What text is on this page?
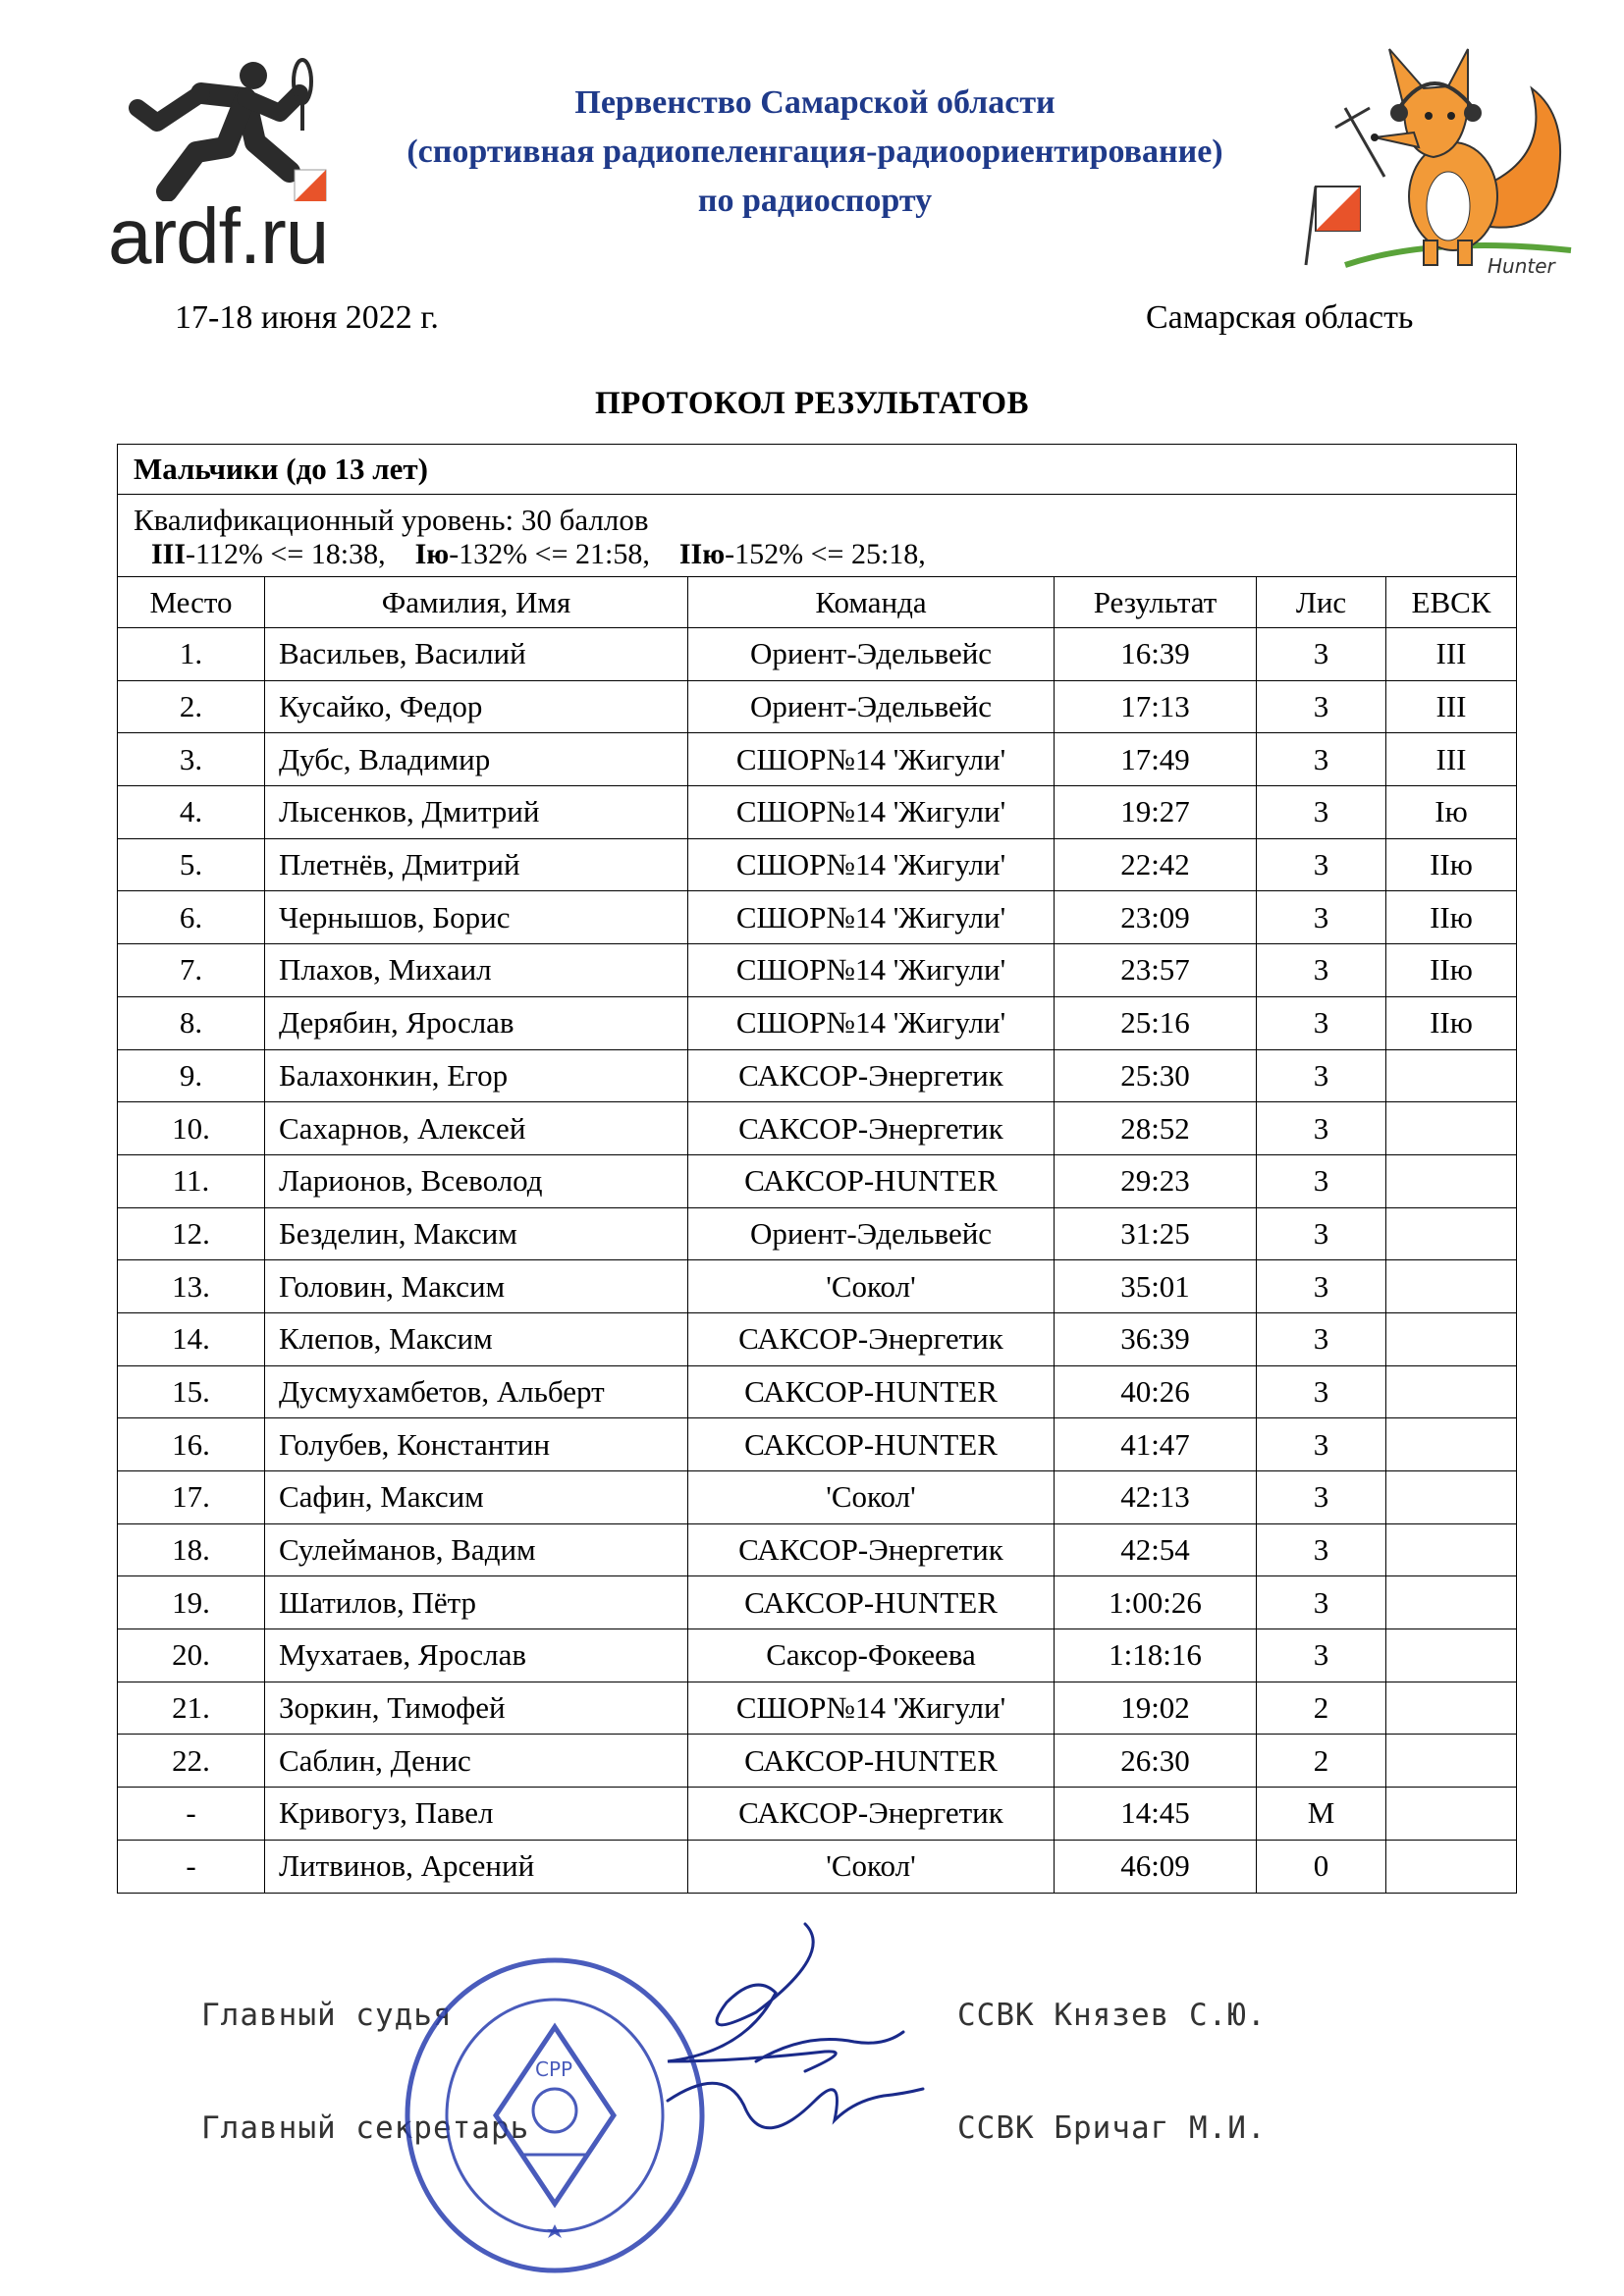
ardf.ru
Первенство Самарской области
(спортивная радиопеленгация-радиоориентирование)
по радиоспорту
Hunter
17-18 июня 2022 г.	Самарская область
ПРОТОКОЛ РЕЗУЛЬТАТОВ
Мальчики (до 13 лет)					

Квалификационный уровень: 30 баллов
III-112% <= 18:38, Iю-132% <= 21:58, IIю-152% <= 25:18,					

Место	Фамилия, Имя	Команда	Результат	Лис	ЕВСК
1.	Васильев, Василий	Ориент-Эдельвейс	16:39	3	III
2.	Кусайко, Федор	Ориент-Эдельвейс	17:13	3	III
3.	Дубс, Владимир	СШОР№14 'Жигули'	17:49	3	III
4.	Лысенков, Дмитрий	СШОР№14 'Жигули'	19:27	3	Iю
5.	Плетнёв, Дмитрий	СШОР№14 'Жигули'	22:42	3	IIю
6.	Чернышов, Борис	СШОР№14 'Жигули'	23:09	3	IIю
7.	Плахов, Михаил	СШОР№14 'Жигули'	23:57	3	IIю
8.	Дерябин, Ярослав	СШОР№14 'Жигули'	25:16	3	IIю
9.	Балахонкин, Егор	САКСОР-Энергетик	25:30	3	
10.	Сахарнов, Алексей	САКСОР-Энергетик	28:52	3	
11.	Ларионов, Всеволод	САКСОР-HUNTER	29:23	3	
12.	Безделин, Максим	Ориент-Эдельвейс	31:25	3	
13.	Головин, Максим	'Сокол'	35:01	3	
14.	Клепов, Максим	САКСОР-Энергетик	36:39	3	
15.	Дусмухамбетов, Альберт	САКСОР-HUNTER	40:26	3	
16.	Голубев, Константин	САКСОР-HUNTER	41:47	3	
17.	Сафин, Максим	'Сокол'	42:13	3	
18.	Сулейманов, Вадим	САКСОР-Энергетик	42:54	3	
19.	Шатилов, Пётр	САКСОР-HUNTER	1:00:26	3	
20.	Мухатаев, Ярослав	Саксор-Фокеева	1:18:16	3	
21.	Зоркин, Тимофей	СШОР№14 'Жигули'	19:02	2	
22.	Саблин, Денис	САКСОР-HUNTER	26:30	2	
-	Кривогуз, Павел	САКСОР-Энергетик	14:45	M	
-	Литвинов, Арсений	'Сокол'	46:09	0	
Главный судья	ССВК Князев С.Ю.
Главный секретарь	ССВК Бричаг М.И.
СРР
